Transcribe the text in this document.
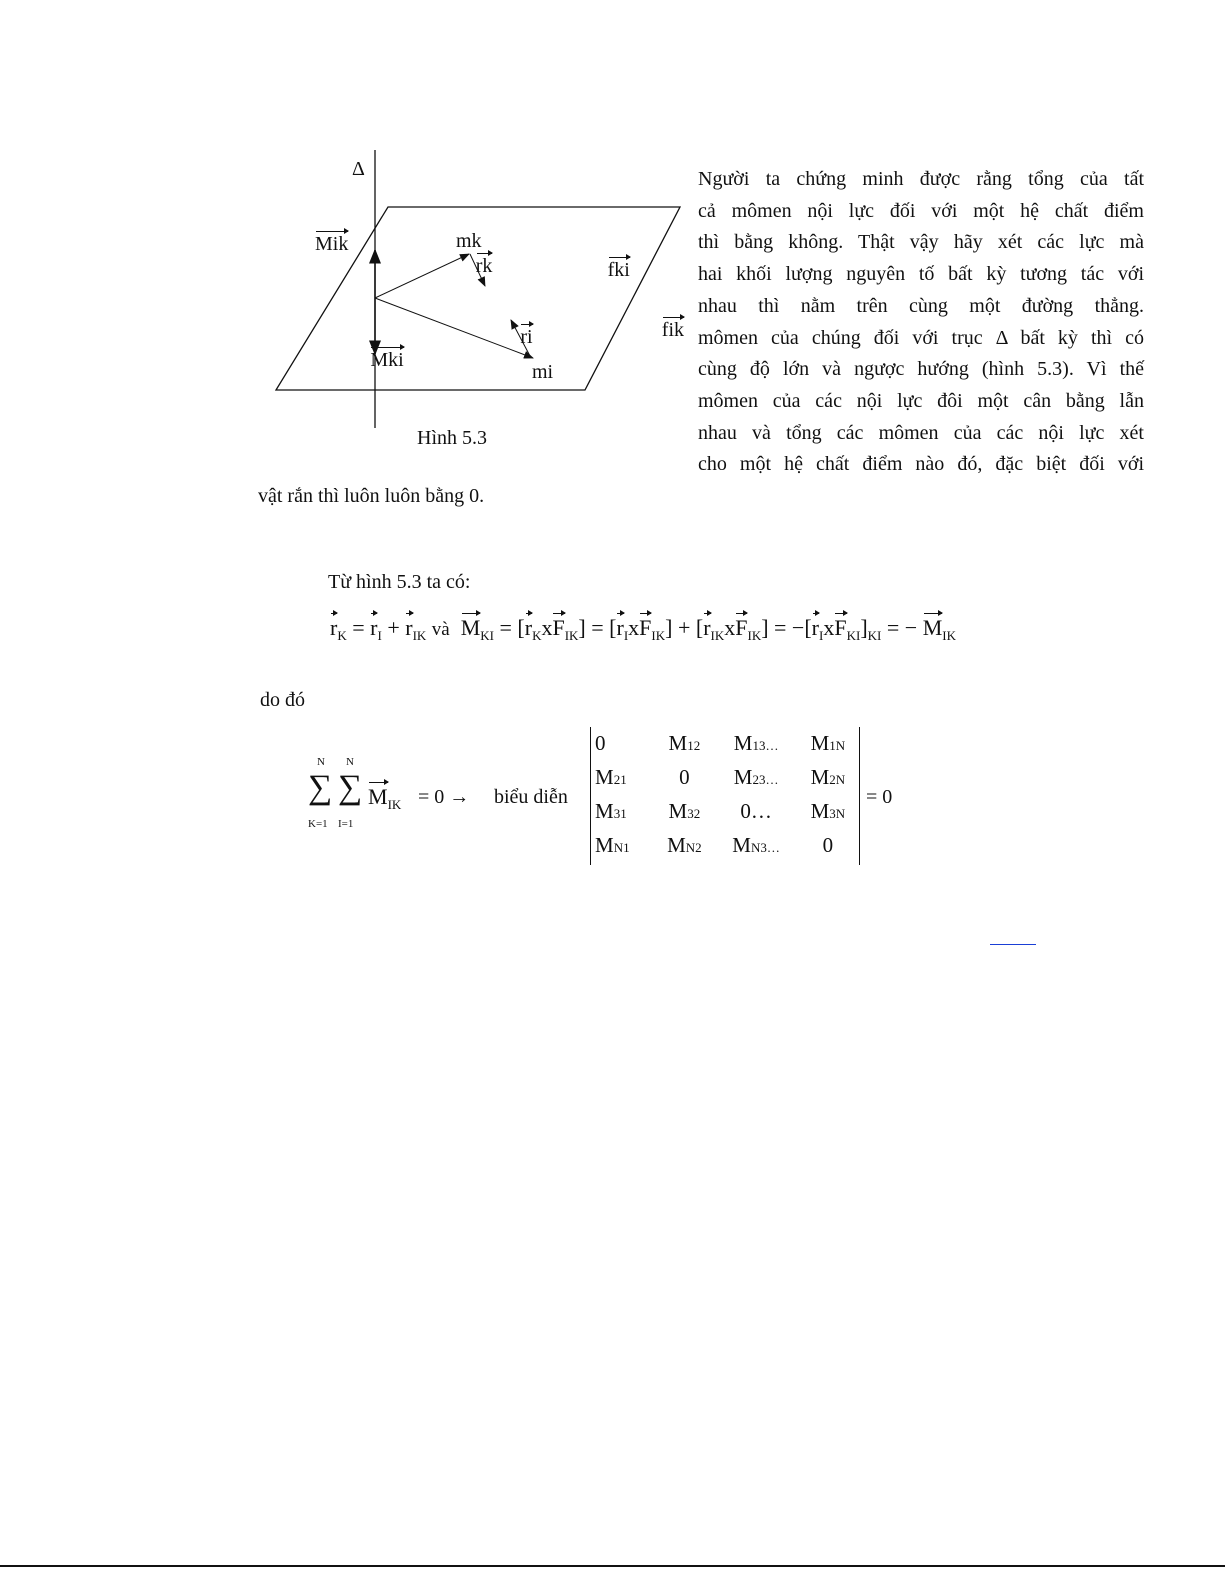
Δ
Mik Mki rk ri
mk
mi
fki fik
Hình 5.3
Người ta chứng minh được rằng tổng của tất
cả mômen nội lực đối với một hệ chất điểm
thì bằng không. Thật vậy hãy xét các lực mà
hai khối lượng nguyên tố bất kỳ tương tác với
nhau thì nằm trên cùng một đường thẳng.
mômen của chúng đối với trục Δ bất kỳ thì có
cùng độ lớn và ngược hướng (hình 5.3). Vì thế
mômen của các nội lực đôi một cân bằng lẫn
nhau và tổng các mômen của các nội lực xét
cho một hệ chất điểm nào đó, đặc biệt đối với
vật rắn thì luôn luôn bằng 0.
Từ hình 5.3 ta có:
$r_K = r_I + r_{IK}$ và $M_{KI} = [r_KxF_{IK}] = [r_IxF_{IK}] + [r_{IK}xF_{IK}] = -[r_IxF_{KI}]_{KI}$ = − $M_{IK}$
do đó
∑ ∑
N N
K=1 I=1
$M_{IK} = 0$ → biểu diễn
0	M12	M13…	M1N
M21	0	M23…	M2N
M31	M32	0…	M3N
MN1	MN2	MN3…	0
= 0
